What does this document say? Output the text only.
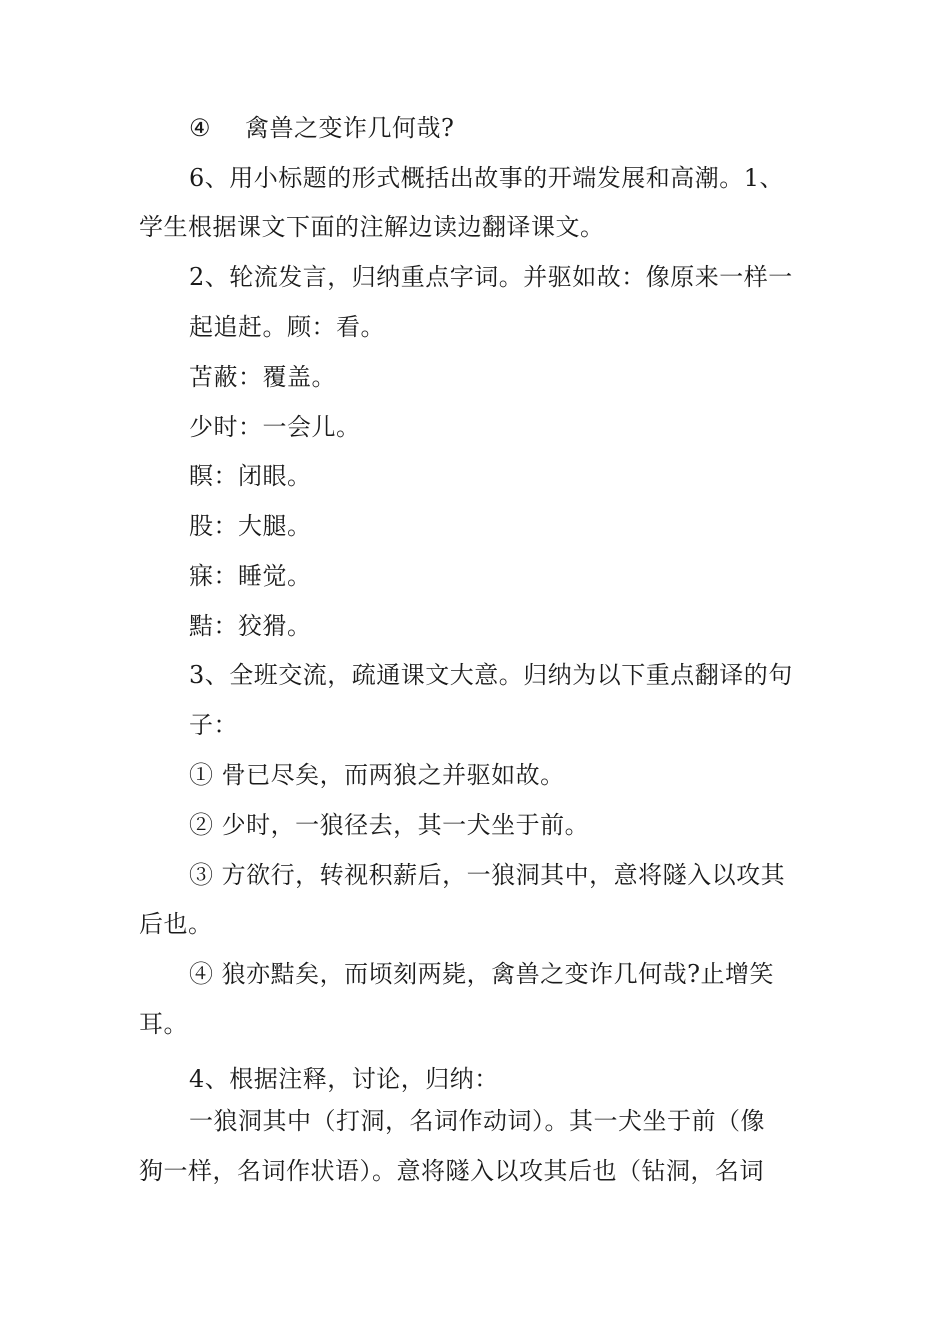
④ 禽兽之变诈几何哉?
6、用小标题的形式概括出故事的开端发展和高潮。1、
学生根据课文下面的注解边读边翻译课文。
2、轮流发言，归纳重点字词。并驱如故：像原来一样一
起追赶。顾：看。
苫蔽：覆盖。
少时：一会儿。
瞑：闭眼。
股：大腿。
寐：睡觉。
黠：狡猾。
3、全班交流，疏通课文大意。归纳为以下重点翻译的句
子：
① 骨已尽矣，而两狼之并驱如故。
② 少时，一狼径去，其一犬坐于前。
③ 方欲行，转视积薪后，一狼洞其中，意将隧入以攻其
后也。
④ 狼亦黠矣，而顷刻两毙，禽兽之变诈几何哉?止增笑
耳。
4、根据注释，讨论，归纳：
一狼洞其中（打洞，名词作动词）。其一犬坐于前（像
狗一样，名词作状语）。意将隧入以攻其后也（钻洞，名词
